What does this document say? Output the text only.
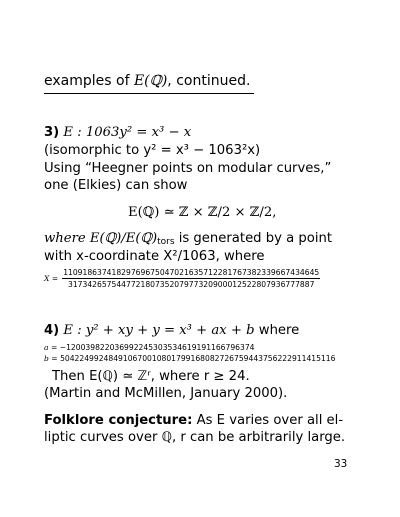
examples of E(ℚ), continued.
3) E : 1063y² = x³ − x
(isomorphic to y² = x³ − 1063²x)
Using “Heegner points on modular curves,”
one (Elkies) can show
E(ℚ) ≃ ℤ × ℤ/2 × ℤ/2,
where $E(ℚ)/E(ℚ)_{tors}$ is generated by a point
with x-coordinate X²/1063, where
$X = \frac{11091863741829769675047021635712281767382339667434645}{317342657544772180735207977320900012522807936777887}$
4) E : y² + xy + y = x³ + ax + b where
a = −120039822036992245303534619191166796374
b = 504224992484910670010801799168082726759443756222911415116
Then E(ℚ) ≃ ℤʳ, where r ≥ 24.
(Martin and McMillen, January 2000).
Folklore conjecture: As E varies over all el-
liptic curves over ℚ, r can be arbitrarily large.
33
